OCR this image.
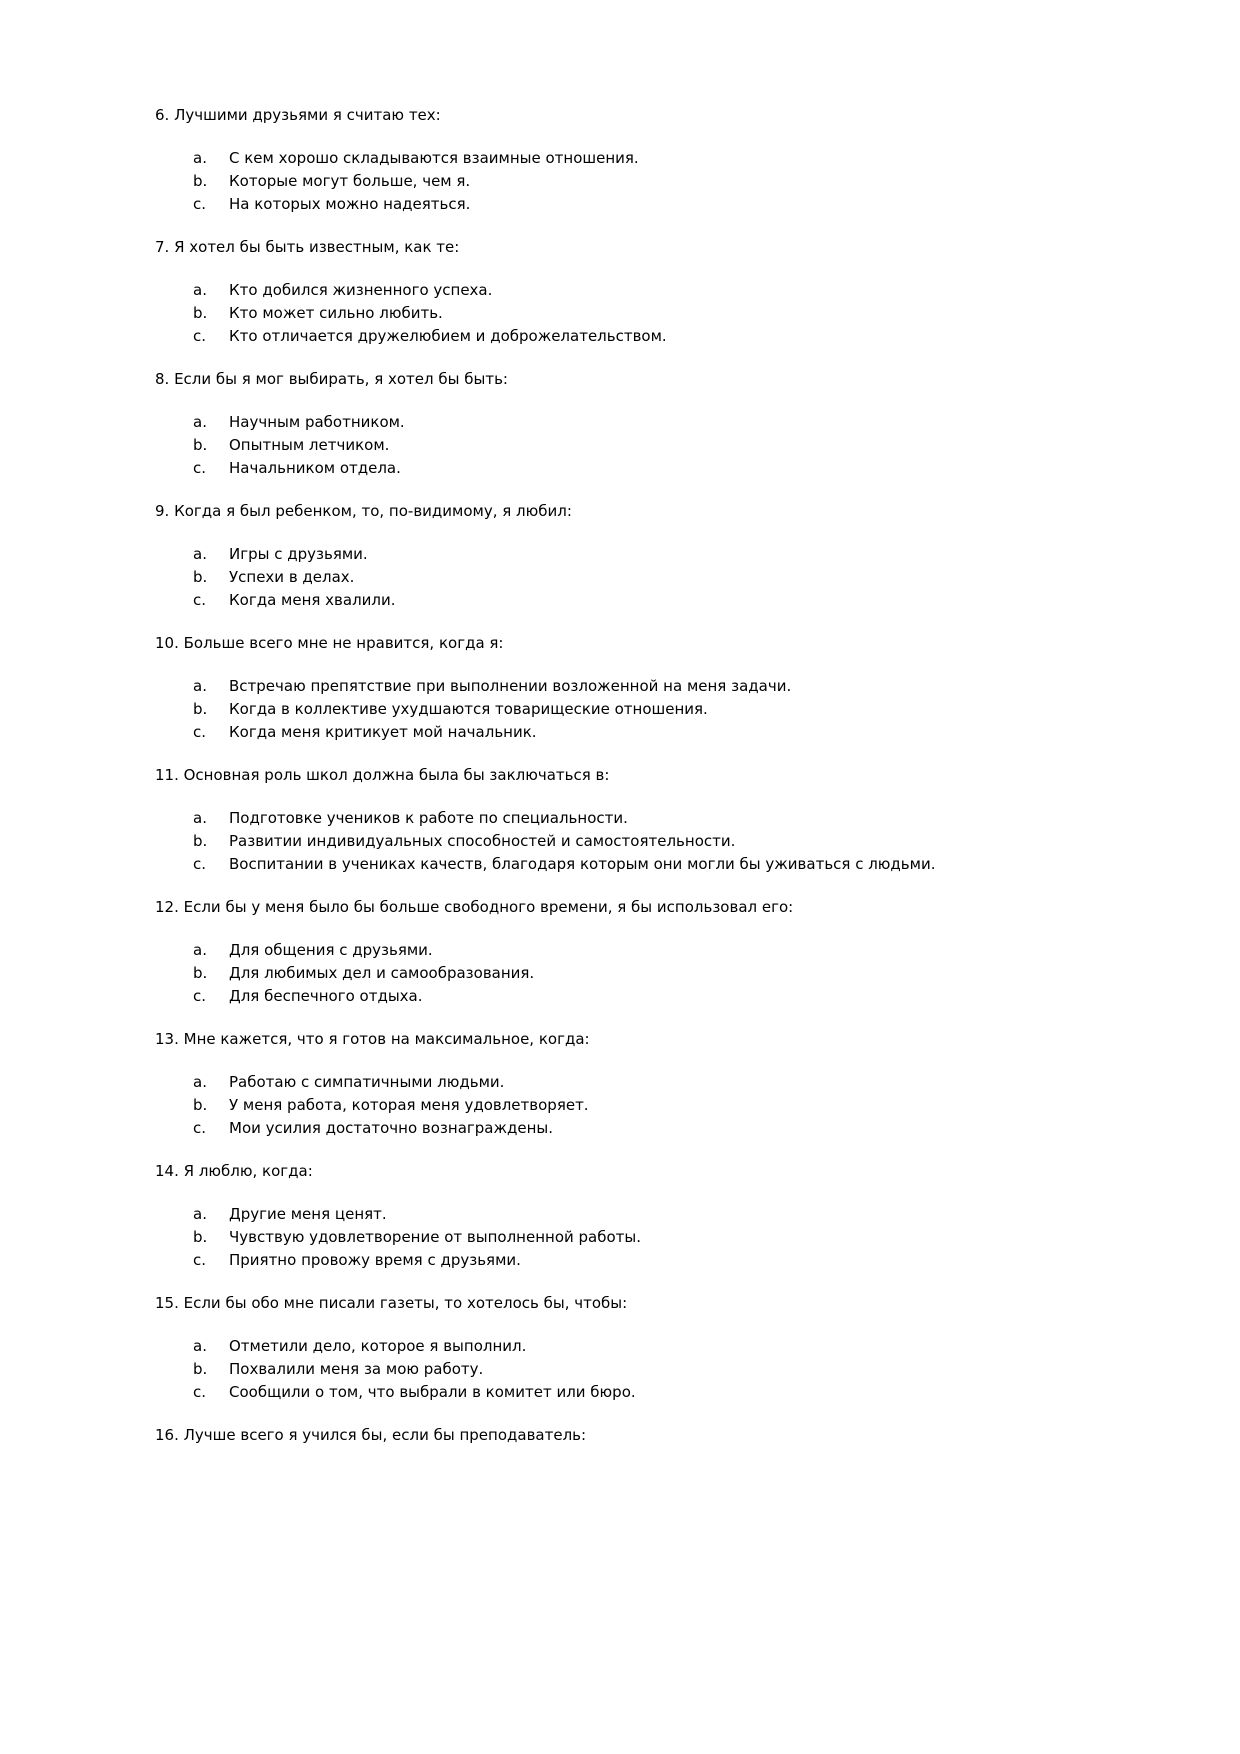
6. Лучшими друзьями я считаю тех:

a.	С кем хорошо складываются взаимные отношения.
b.	Которые могут больше, чем я.
c.	На которых можно надеяться.

7. Я хотел бы быть известным, как те:

a.	Кто добился жизненного успеха.
b.	Кто может сильно любить.
c.	Кто отличается дружелюбием и доброжелательством.

8. Если бы я мог выбирать, я хотел бы быть:

a.	Научным работником.
b.	Опытным летчиком.
c.	Начальником отдела.

9. Когда я был ребенком, то, по-видимому, я любил:

a.	Игры с друзьями.
b.	Успехи в делах.
c.	Когда меня хвалили.

10. Больше всего мне не нравится, когда я:

a.	Встречаю препятствие при выполнении возложенной на меня задачи.
b.	Когда в коллективе ухудшаются товарищеские отношения.
c.	Когда меня критикует мой начальник.

11. Основная роль школ должна была бы заключаться в:

a.	Подготовке учеников к работе по специальности.
b.	Развитии индивидуальных способностей и самостоятельности.
c.	Воспитании в учениках качеств, благодаря которым они могли бы уживаться с людьми.

12. Если бы у меня было бы больше свободного времени, я бы использовал его:

a.	Для общения с друзьями.
b.	Для любимых дел и самообразования.
c.	Для беспечного отдыха.

13. Мне кажется, что я готов на максимальное, когда:

a.	Работаю с симпатичными людьми.
b.	У меня работа, которая меня удовлетворяет.
c.	Мои усилия достаточно вознаграждены.

14. Я люблю, когда:

a.	Другие меня ценят.
b.	Чувствую удовлетворение от выполненной работы.
c.	Приятно провожу время с друзьями.

15. Если бы обо мне писали газеты, то хотелось бы, чтобы:

a.	Отметили дело, которое я выполнил.
b.	Похвалили меня за мою работу.
c.	Сообщили о том, что выбрали в комитет или бюро.

16. Лучше всего я учился бы, если бы преподаватель:
